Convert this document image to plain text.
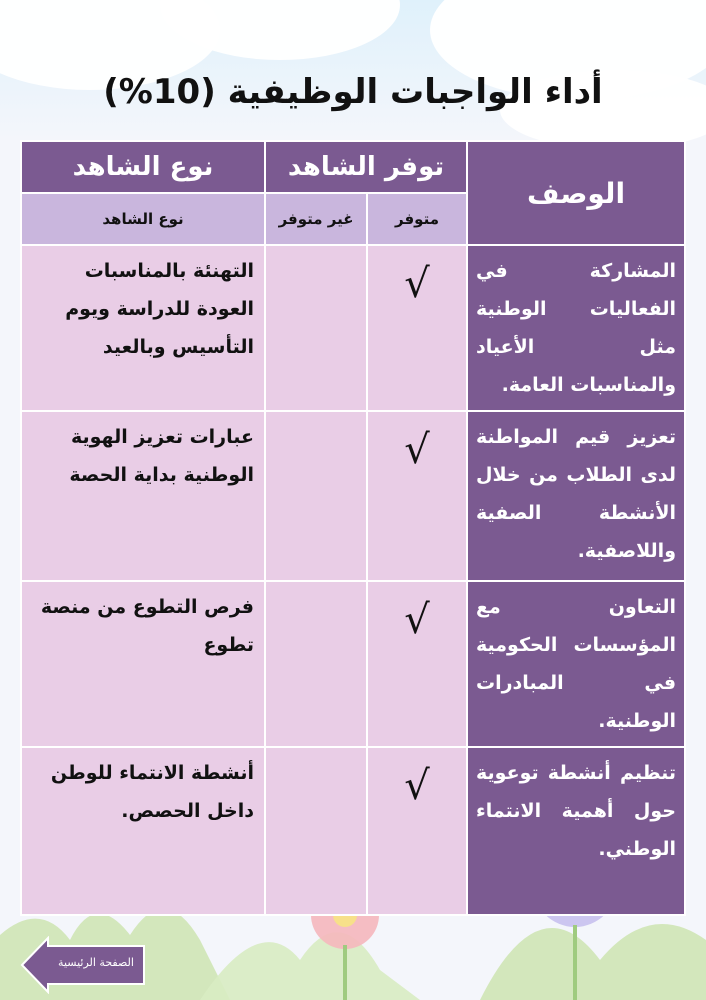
أداء الواجبات الوظيفية (10%)
الوصف	توفر الشاهد		نوع الشاهد
	متوفر	غير متوفر	نوع الشاهد
المشاركة في الفعاليات الوطنية مثل الأعياد والمناسبات العامة.	√		التهنئة بالمناسبات العودة للدراسة ويوم التأسيس وبالعيد
تعزيز قيم المواطنة لدى الطلاب من خلال الأنشطة الصفية واللاصفية.	√		عبارات تعزيز الهوية الوطنية بداية الحصة
التعاون مع المؤسسات الحكومية في المبادرات الوطنية.	√		فرص التطوع من منصة تطوع
تنظيم أنشطة توعوية حول أهمية الانتماء الوطني.	√		أنشطة الانتماء للوطن داخل الحصص.
الصفحة الرئيسية
